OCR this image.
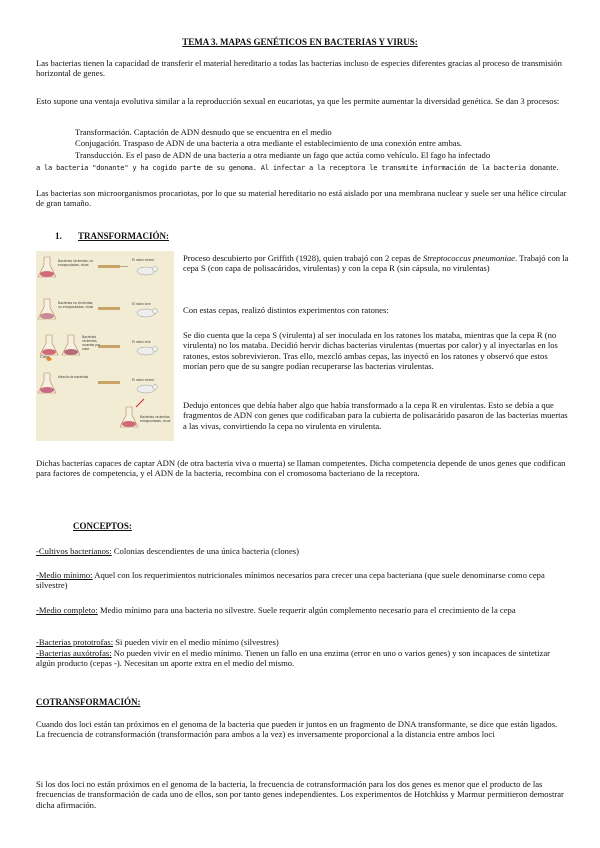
TEMA 3. MAPAS GENÉTICOS EN BACTERIAS Y VIRUS:

Las bacterias tienen la capacidad de transferir el material hereditario a todas las bacterias incluso de especies diferentes gracias al proceso de transmisión horizontal de genes.

Esto supone una ventaja evolutiva similar a la reproducción sexual en eucariotas, ya que les permite aumentar la diversidad genética. Se dan 3 procesos:

Transformación. Captación de ADN desnudo que se encuentra en el medio
Conjugación. Traspaso de ADN de una bacteria a otra mediante el establecimiento de una conexión entre ambas.
Transducción. Es el paso de ADN de una bacteria a otra mediante un fago que actúa como vehículo. El fago ha infectado
a la bacteria "donante" y ha cogido parte de su genoma. Al infectar a la receptora le transmite información de la bacteria donante.

Las bacterias son microorganismos procariotas, por lo que su material hereditario no está aislado por una membrana nuclear y suele ser una hélice circular de gran tamaño.

1. TRANSFORMACIÓN:
Calor
Bacterias virulentas, no encapsuladas, vivas
El ratón muere
Bacterias no virulentas, no encapsuladas, vivas
El ratón vive
Bacterias virulentas, muertas por calor
El ratón vive
Mezcla de bacterias
El ratón muere
Bacterias virulentas, encapsuladas, vivas

Proceso descubierto por Griffith (1928), quien trabajó con 2 cepas de Streptococcus pneumoniae. Trabajó con la cepa S (con capa de polisacáridos, virulentas) y con la cepa R (sin cápsula, no virulentas)

Con estas cepas, realizó distintos experimentos con ratones:

Se dio cuenta que la cepa S (virulenta) al ser inoculada en los ratones los mataba, mientras que la cepa R (no virulenta) no los mataba. Decidió hervir dichas bacterias virulentas (muertas por calor) y al inyectarlas en los ratones, estos sobrevivieron. Tras ello, mezcló ambas cepas, las inyectó en los ratones y observó que estos morían pero que de su sangre podían recuperarse las bacterias virulentas.

Dedujo entonces que debía haber algo que había transformado a la cepa R en virulentas. Esto se debía a que fragmentos de ADN con genes que codificaban para la cubierta de polisacárido pasaron de las bacterias muertas a las vivas, convirtiendo la cepa no virulenta en virulenta.

Dichas bacterias capaces de captar ADN (de otra bacteria viva o muerta) se llaman competentes. Dicha competencia depende de unos genes que codifican para factores de competencia, y el ADN de la bacteria, recombina con el cromosoma bacteriano de la receptora.

CONCEPTOS:

-Cultivos bacterianos: Colonias descendientes de una única bacteria (clones)

-Medio mínimo: Aquel con los requerimientos nutricionales mínimos necesarios para crecer una cepa bacteriana (que suele denominarse como cepa silvestre)

-Medio completo: Medio mínimo para una bacteria no silvestre. Suele requerir algún complemento necesario para el crecimiento de la cepa

-Bacterias prototrofas: Si pueden vivir en el medio mínimo (silvestres)

-Bacterias auxótrofas: No pueden vivir en el medio mínimo. Tienen un fallo en una enzima (error en uno o varios genes) y son incapaces de sintetizar algún producto (cepas -). Necesitan un aporte extra en el medio del mismo.

COTRANSFORMACIÓN:

Cuando dos loci están tan próximos en el genoma de la bacteria que pueden ir juntos en un fragmento de DNA transformante, se dice que están ligados. La frecuencia de cotransformación (transformación para ambos a la vez) es inversamente proporcional a la distancia entre ambos loci

Si los dos loci no están próximos en el genoma de la bacteria, la frecuencia de cotransformación para los dos genes es menor que el producto de las frecuencias de transformación de cada uno de ellos, son por tanto genes independientes. Los experimentos de Hotchkiss y Marmur permitieron demostrar dicha afirmación.
